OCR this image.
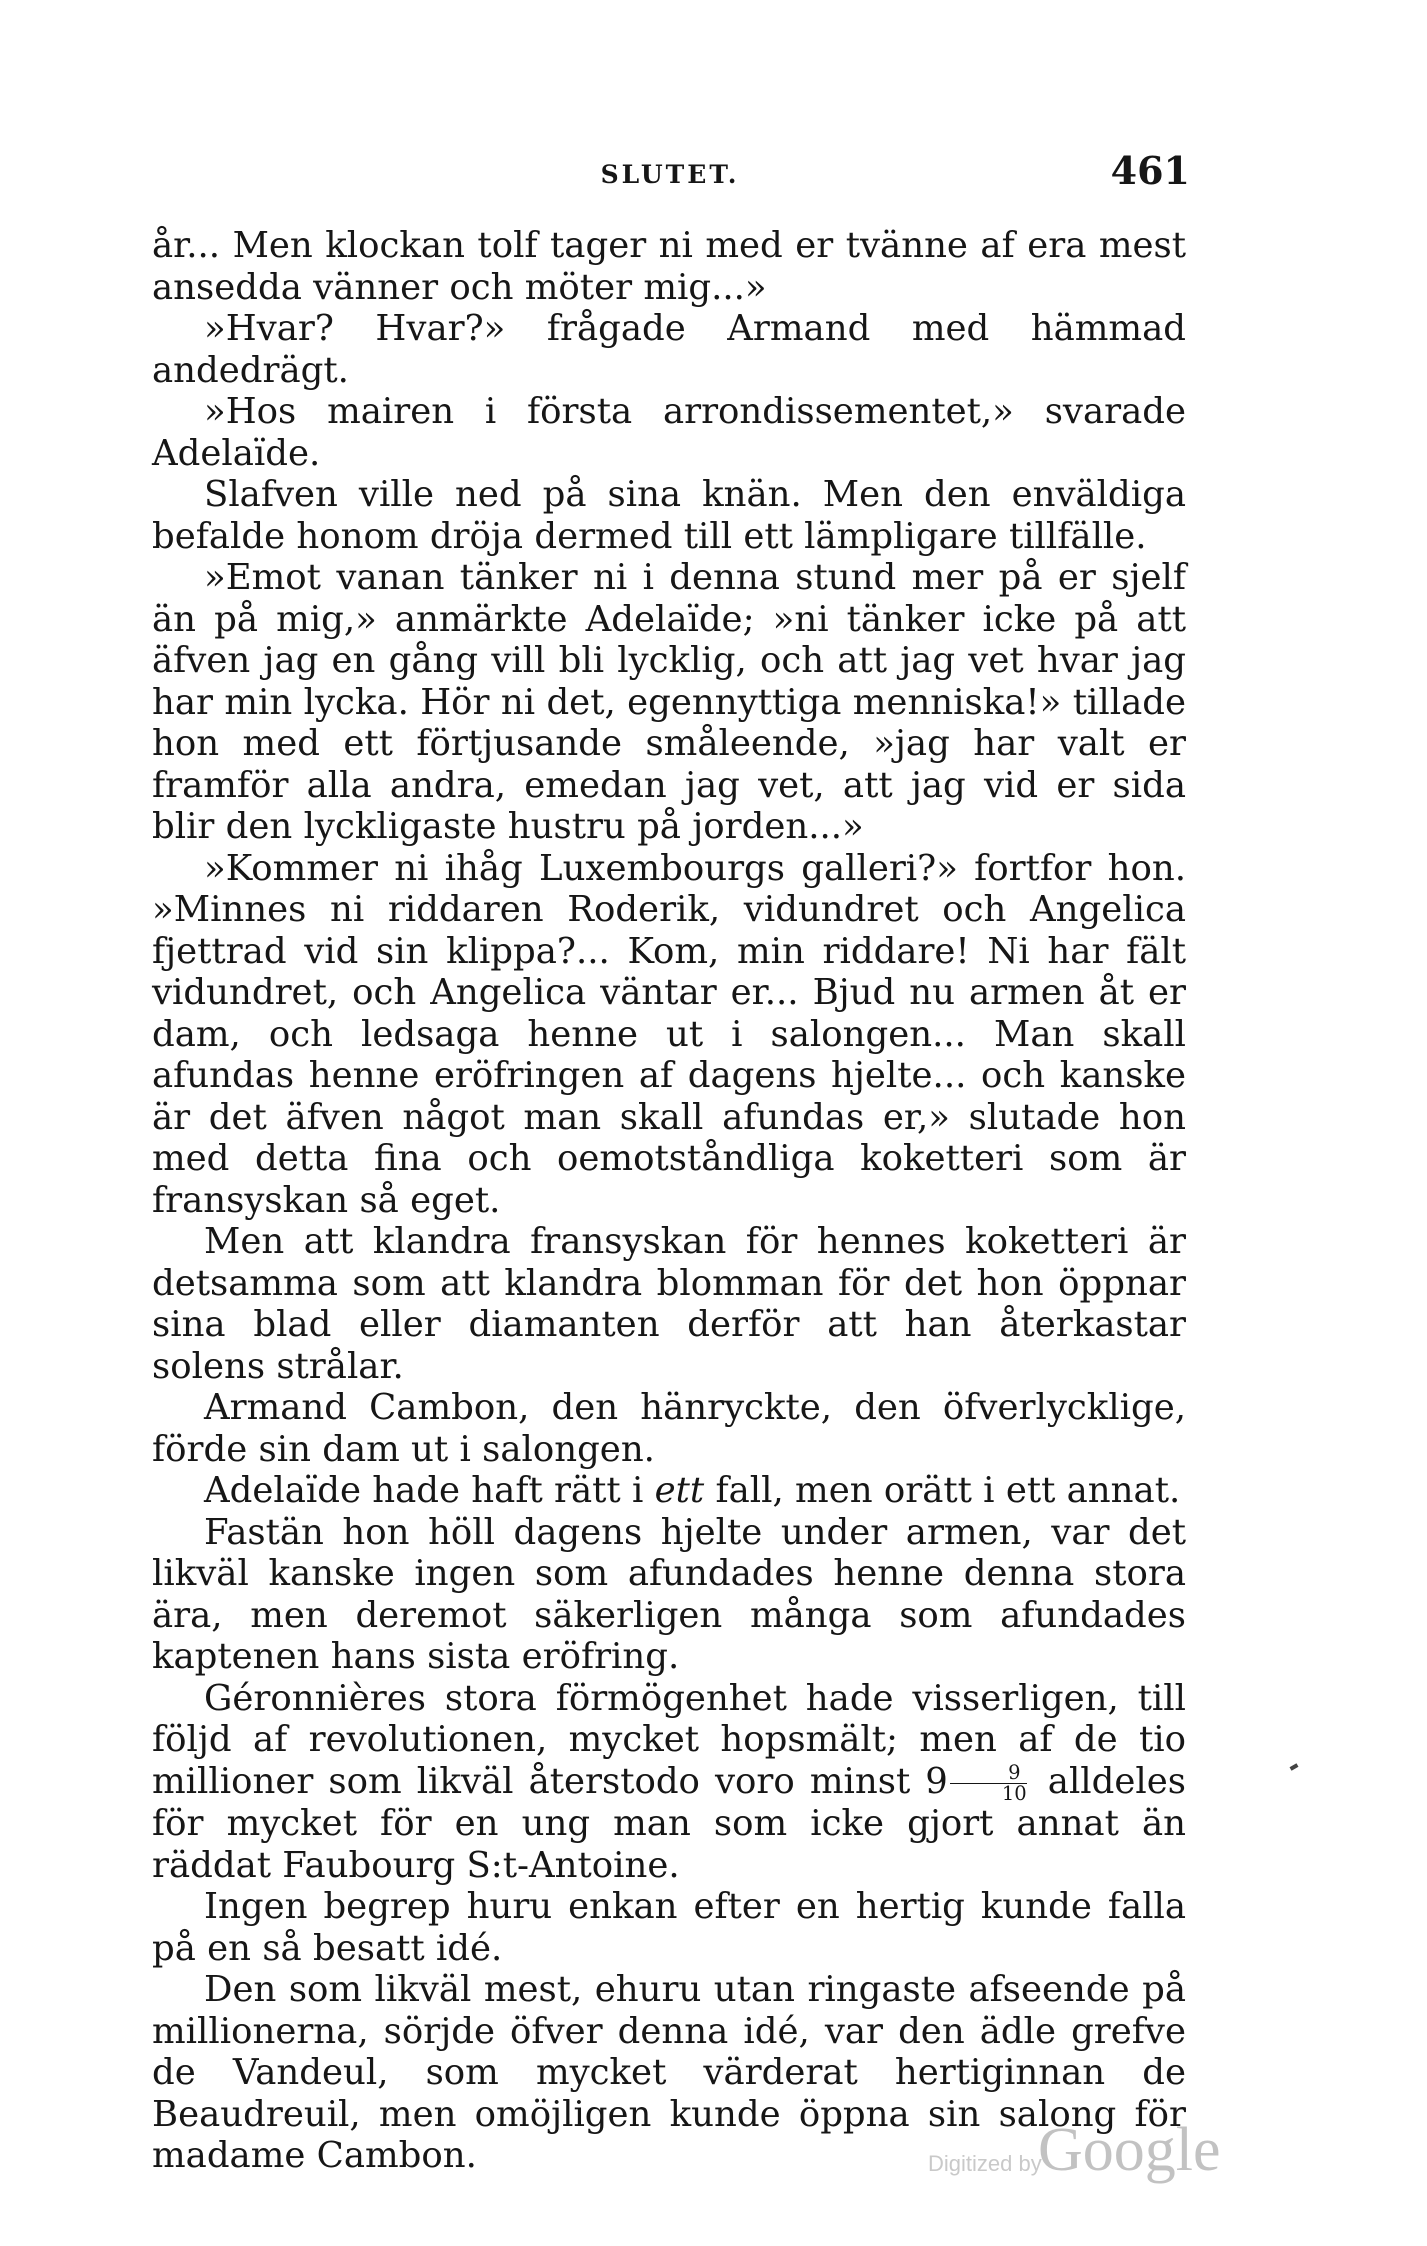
SLUTET.	461

år... Men klockan tolf tager ni med er tvänne af era mest ansedda vänner och möter mig...»

»Hvar? Hvar?» frågade Armand med hämmad andedrägt.

»Hos mairen i första arrondissementet,» svarade Adelaïde.

Slafven ville ned på sina knän. Men den enväldiga befalde honom dröja dermed till ett lämpligare tillfälle.

»Emot vanan tänker ni i denna stund mer på er sjelf än på mig,» anmärkte Adelaïde; »ni tänker icke på att äfven jag en gång vill bli lycklig, och att jag vet hvar jag har min lycka. Hör ni det, egennyttiga menniska!» tillade hon med ett förtjusande småleende, »jag har valt er framför alla andra, emedan jag vet, att jag vid er sida blir den lyckligaste hustru på jorden...»

»Kommer ni ihåg Luxembourgs galleri?» fortfor hon. »Minnes ni riddaren Roderik, vidundret och Angelica fjettrad vid sin klippa?... Kom, min riddare! Ni har fält vidundret, och Angelica väntar er... Bjud nu armen åt er dam, och ledsaga henne ut i salongen... Man skall afundas henne eröfringen af dagens hjelte... och kanske är det äfven något man skall afundas er,» slutade hon med detta fina och oemotståndliga koketteri som är fransyskan så eget.

Men att klandra fransyskan för hennes koketteri är detsamma som att klandra blomman för det hon öppnar sina blad eller diamanten derför att han återkastar solens strålar.

Armand Cambon, den hänryckte, den öfverlycklige, förde sin dam ut i salongen.

Adelaïde hade haft rätt i ett fall, men orätt i ett annat.

Fastän hon höll dagens hjelte under armen, var det likväl kanske ingen som afundades henne denna stora ära, men deremot säkerligen många som afundades kaptenen hans sista eröfring.

Géronnières stora förmögenhet hade visserligen, till följd af revolutionen, mycket hopsmält; men af de tio millioner som likväl återstodo voro minst $9 \frac{9}{10}$ alldeles för mycket för en ung man som icke gjort annat än räddat Faubourg S:t-Antoine.

Ingen begrep huru enkan efter en hertig kunde falla på en så besatt idé.

Den som likväl mest, ehuru utan ringaste afseende på millionerna, sörjde öfver denna idé, var den ädle grefve de Vandeul, som mycket värderat hertiginnan de Beaudreuil, men omöjligen kunde öppna sin salong för madame Cambon.	Digitized by
Google
